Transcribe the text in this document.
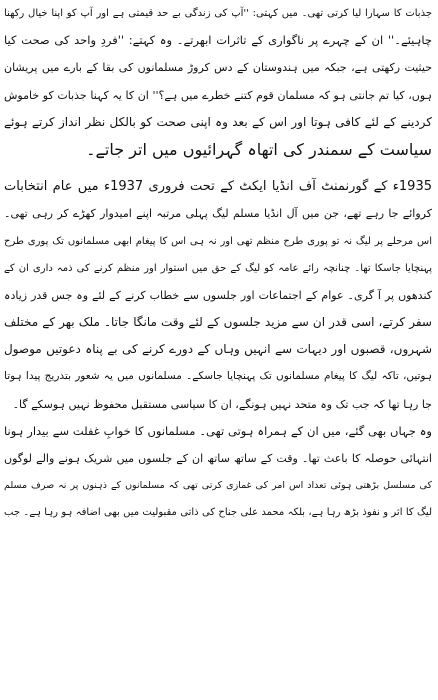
جذبات کا سہارا لیا کرتی تھی۔ میں کہتی: ''آپ کی زندگی بے حد قیمتی ہے اور آپ کو اپنا خیال رکھنا
چاہیئے۔'' ان کے چہرے پر ناگواری کے تاثرات ابھرتے۔ وہ کہتے: ''فردِ واحد کی صحت کیا
حیثیت رکھتی ہے، جبکہ میں ہندوستان کے دس کروڑ مسلمانوں کی بقا کے بارے میں پریشان
ہوں، کیا تم جانتی ہو کہ مسلمان قوم کتنے خطرے میں ہے؟'' ان کا یہ کہنا جذبات کو خاموش
کردینے کے لئے کافی ہوتا اور اس کے بعد وہ اپنی صحت کو بالکل نظر انداز کرتے ہوئے
سیاست کے سمندر کی اتھاہ گہرائیوں میں اتر جاتے۔
1935ء کے گورنمنٹ آف انڈیا ایکٹ کے تحت فروری 1937ء میں عام انتخابات
کروائے جا رہے تھے، جن میں آل انڈیا مسلم لیگ پہلی مرتبہ اپنے امیدوار کھڑے کر رہی تھی۔
اس مرحلے پر لیگ نہ تو پوری طرح منظم تھی اور نہ ہی اس کا پیغام ابھی مسلمانوں تک پوری طرح
پہنچایا جاسکا تھا۔ چنانچہ رائے عامہ کو لیگ کے حق میں استوار اور منظم کرنے کی ذمہ داری ان کے
کندھوں پر آ گری۔ عوام کے اجتماعات اور جلسوں سے خطاب کرنے کے لئے وہ جس قدر زیادہ
سفر کرتے، اسی قدر ان سے مزید جلسوں کے لئے وقت مانگا جاتا۔ ملک بھر کے مختلف
شہروں، قصبوں اور دیہات سے انہیں وہاں کے دورے کرنے کی بے پناہ دعوتیں موصول
ہوتیں، تاکہ لیگ کا پیغام مسلمانوں تک پہنچایا جاسکے۔ مسلمانوں میں یہ شعور بتدریج پیدا ہوتا
جا رہا تھا کہ جب تک وہ متحد نہیں ہونگے، ان کا سیاسی مستقبل محفوظ نہیں ہوسکے گا۔
وہ جہاں بھی گئے، میں ان کے ہمراہ ہوتی تھی۔ مسلمانوں کا خوابِ غفلت سے بیدار ہونا
انتہائی حوصلہ کا باعث تھا۔ وقت کے ساتھ ساتھ ان کے جلسوں میں شریک ہونے والے لوگوں
کی مسلسل بڑھتی ہوئی تعداد اس امر کی غمازی کرتی تھی کہ مسلمانوں کے ذہنوں پر نہ صرف مسلم
لیگ کا اثر و نفوذ بڑھ رہا ہے، بلکہ محمد علی جناح کی ذاتی مقبولیت میں بھی اضافہ ہو رہا ہے۔ جب
